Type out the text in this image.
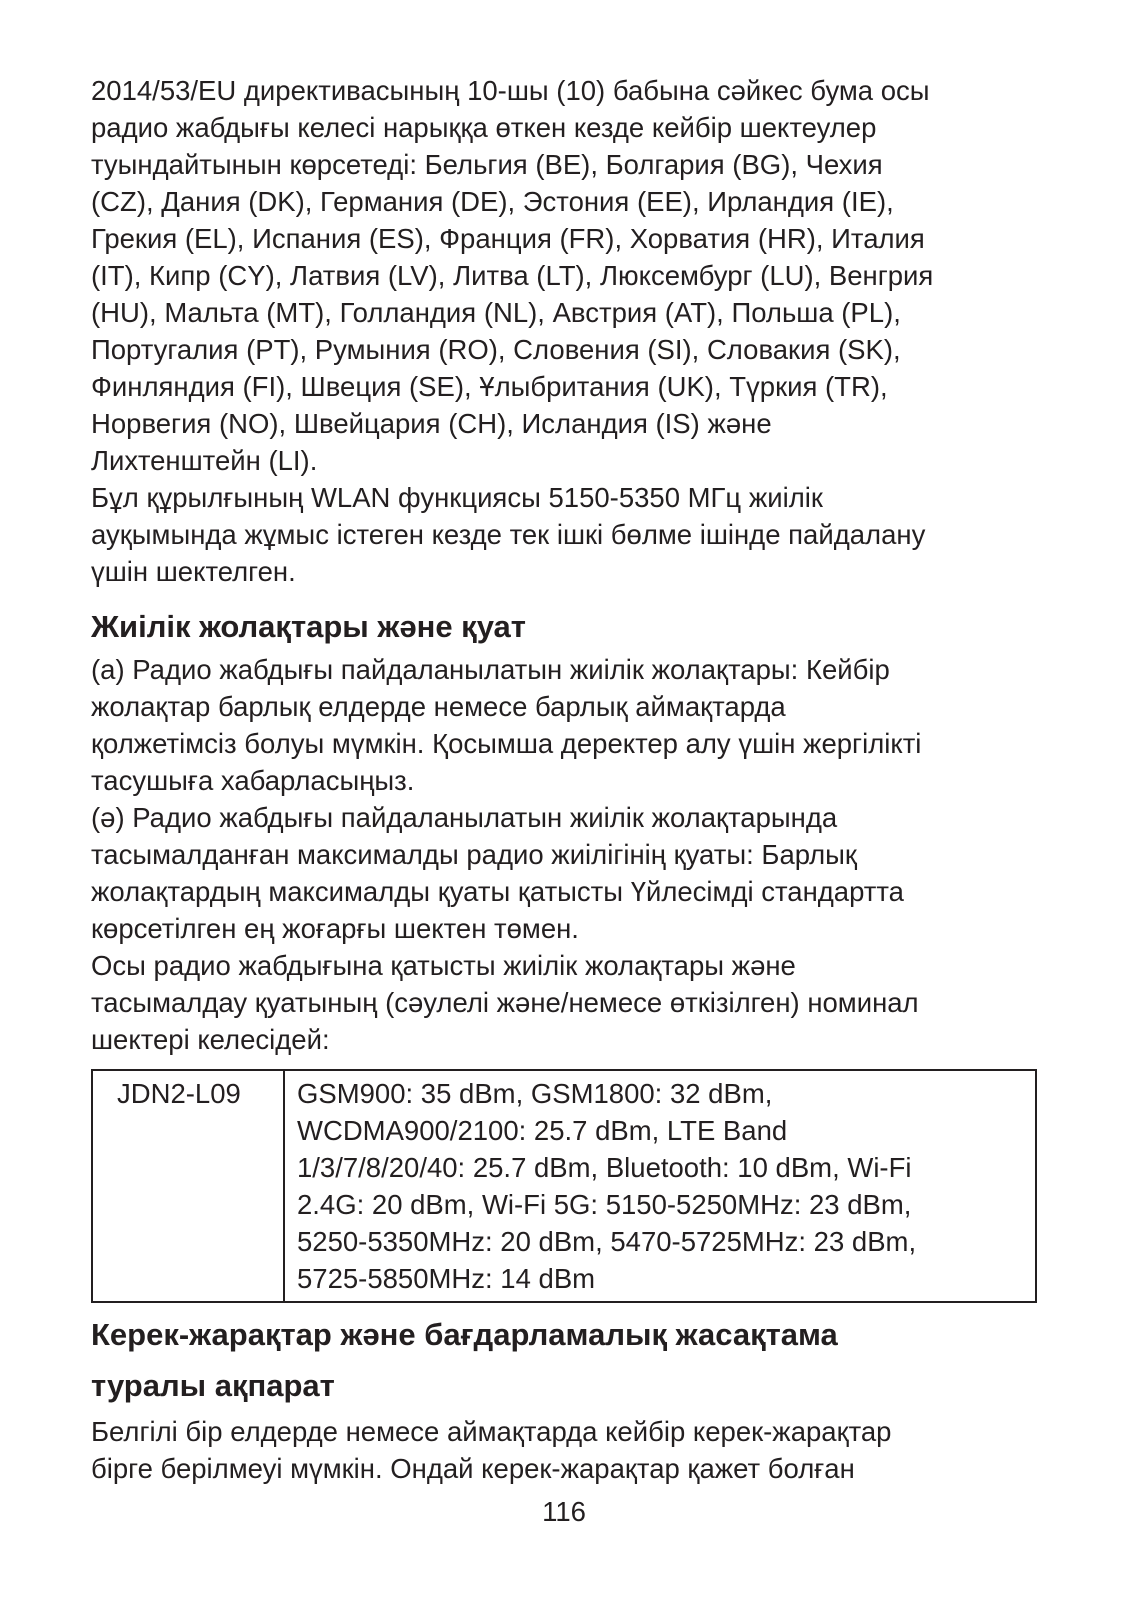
2014/53/EU директивасының 10-шы (10) бабына сәйкес бума осы
радио жабдығы келесі нарыққа өткен кезде кейбір шектеулер
туындайтынын көрсетеді: Бельгия (BE), Болгария (BG), Чехия
(CZ), Дания (DK), Германия (DE), Эстония (EE), Ирландия (IE),
Грекия (EL), Испания (ES), Франция (FR), Хорватия (HR), Италия
(IT), Кипр (CY), Латвия (LV), Литва (LT), Люксембург (LU), Венгрия
(HU), Мальта (MT), Голландия (NL), Австрия (AT), Польша (PL),
Португалия (PT), Румыния (RO), Словения (SI), Словакия (SK),
Финляндия (FI), Швеция (SE), Ұлыбритания (UK), Түркия (TR),
Норвегия (NO), Швейцария (CH), Исландия (IS) және
Лихтенштейн (LI).

Бұл құрылғының WLAN функциясы 5150-5350 МГц жиілік
ауқымында жұмыс істеген кезде тек ішкі бөлме ішінде пайдалану
үшін шектелген.

Жиілік жолақтары және қуат

(а) Радио жабдығы пайдаланылатын жиілік жолақтары: Кейбір
жолақтар барлық елдерде немесе барлық аймақтарда
қолжетімсіз болуы мүмкін. Қосымша деректер алу үшін жергілікті
тасушыға хабарласыңыз.

(ә) Радио жабдығы пайдаланылатын жиілік жолақтарында
тасымалданған максималды радио жиілігінің қуаты: Барлық
жолақтардың максималды қуаты қатысты Үйлесімді стандартта
көрсетілген ең жоғарғы шектен төмен.

Осы радио жабдығына қатысты жиілік жолақтары және
тасымалдау қуатының (сәулелі және/немесе өткізілген) номинал
шектері келесідей:

JDN2-L09	GSM900: 35 dBm, GSM1800: 32 dBm,
WCDMA900/2100: 25.7 dBm, LTE Band
1/3/7/8/20/40: 25.7 dBm, Bluetooth: 10 dBm, Wi-Fi
2.4G: 20 dBm, Wi-Fi 5G: 5150-5250MHz: 23 dBm,
5250-5350MHz: 20 dBm, 5470-5725MHz: 23 dBm,
5725-5850MHz: 14 dBm
Керек-жарақтар және бағдарламалық жасақтама
туралы ақпарат

Белгілі бір елдерде немесе аймақтарда кейбір керек-жарақтар
бірге берілмеуі мүмкін. Ондай керек-жарақтар қажет болған

116
